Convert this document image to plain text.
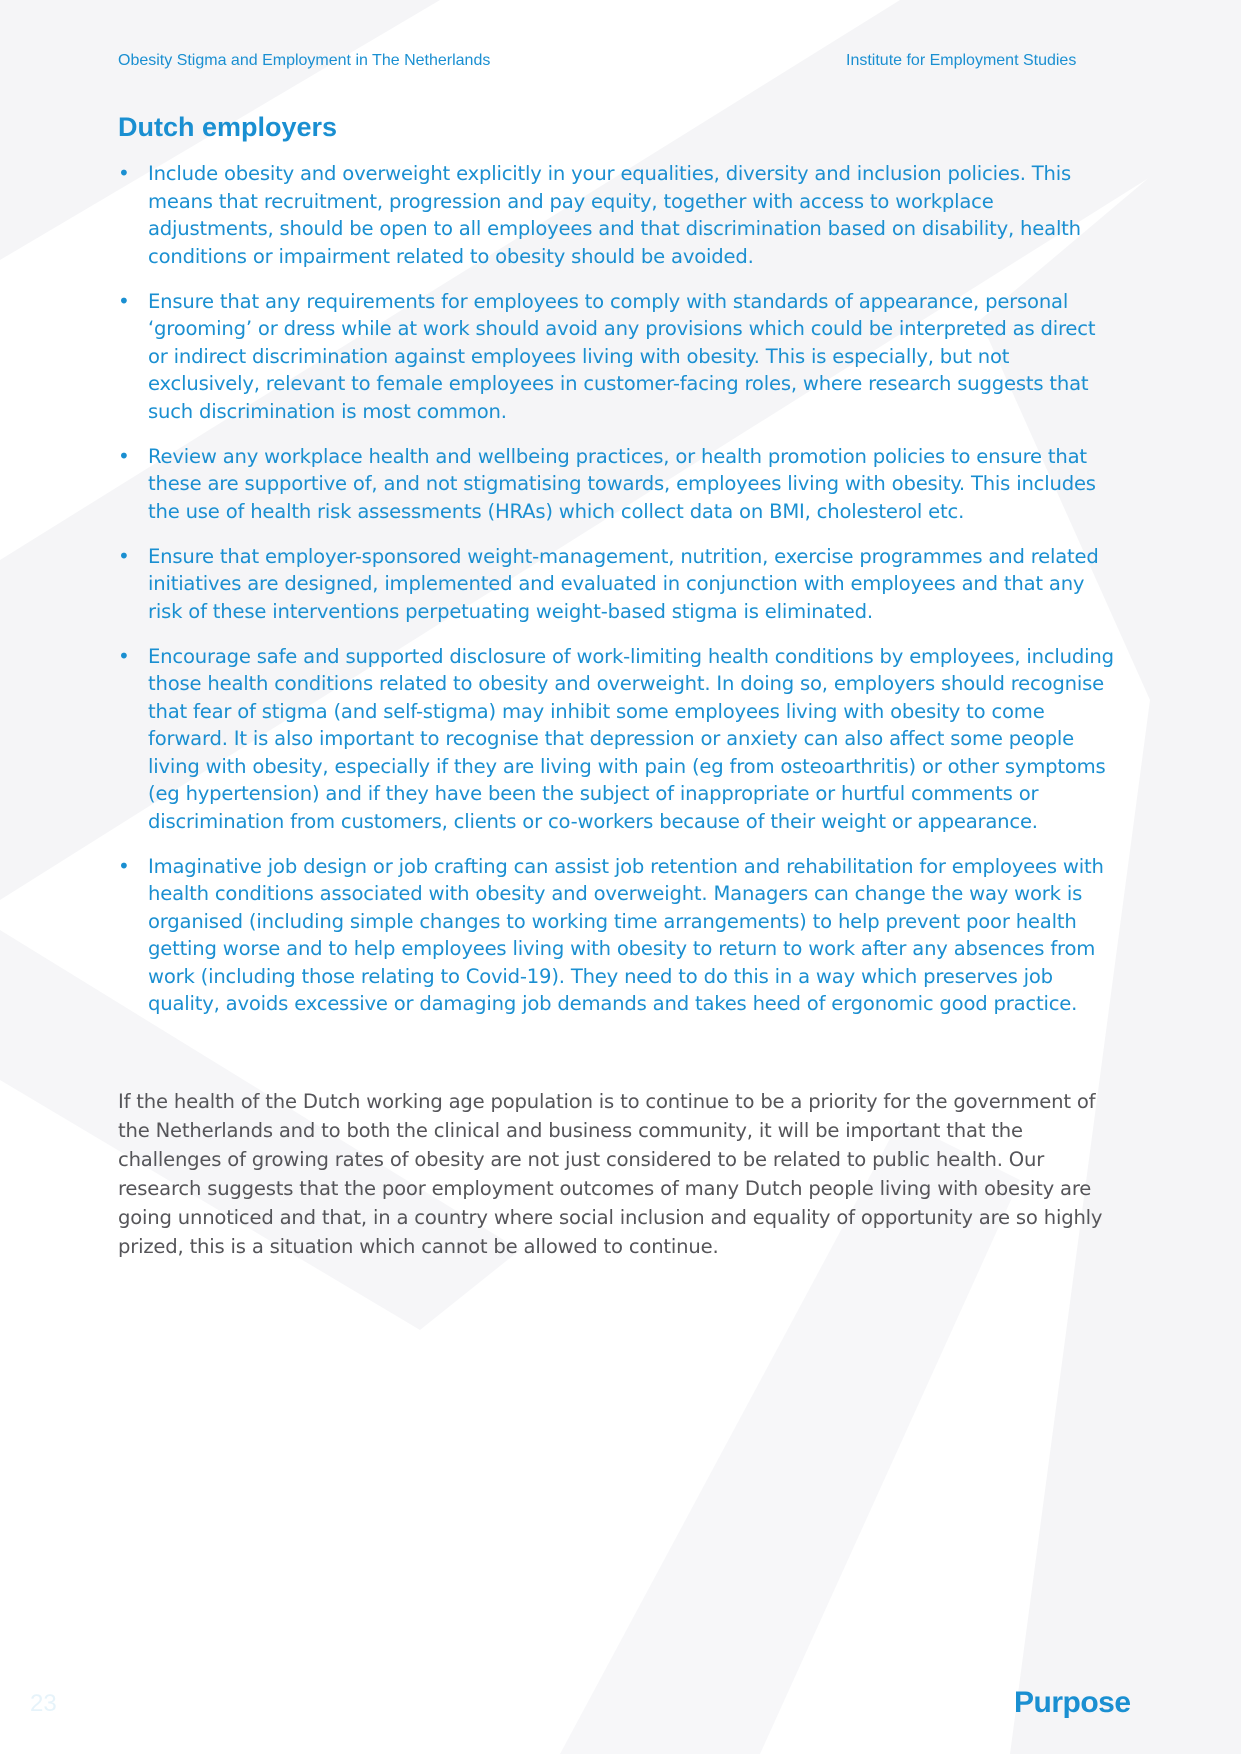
Obesity Stigma and Employment in The Netherlands	Institute for Employment Studies
Dutch employers
• Include obesity and overweight explicitly in your equalities, diversity and inclusion policies. This means that recruitment, progression and pay equity, together with access to workplace adjustments, should be open to all employees and that discrimination based on disability, health conditions or impairment related to obesity should be avoided.
• Ensure that any requirements for employees to comply with standards of appearance, personal ‘grooming’ or dress while at work should avoid any provisions which could be interpreted as direct or indirect discrimination against employees living with obesity. This is especially, but not exclusively, relevant to female employees in customer-facing roles, where research suggests that such discrimination is most common.
• Review any workplace health and wellbeing practices, or health promotion policies to ensure that these are supportive of, and not stigmatising towards, employees living with obesity. This includes the use of health risk assessments (HRAs) which collect data on BMI, cholesterol etc.
• Ensure that employer-sponsored weight-management, nutrition, exercise programmes and related initiatives are designed, implemented and evaluated in conjunction with employees and that any risk of these interventions perpetuating weight-based stigma is eliminated.
• Encourage safe and supported disclosure of work-limiting health conditions by employees, including those health conditions related to obesity and overweight. In doing so, employers should recognise that fear of stigma (and self-stigma) may inhibit some employees living with obesity to come forward. It is also important to recognise that depression or anxiety can also affect some people living with obesity, especially if they are living with pain (eg from osteoarthritis) or other symptoms (eg hypertension) and if they have been the subject of inappropriate or hurtful comments or discrimination from customers, clients or co-workers because of their weight or appearance.
• Imaginative job design or job crafting can assist job retention and rehabilitation for employees with health conditions associated with obesity and overweight. Managers can change the way work is organised (including simple changes to working time arrangements) to help prevent poor health getting worse and to help employees living with obesity to return to work after any absences from work (including those relating to Covid-19). They need to do this in a way which preserves job quality, avoids excessive or damaging job demands and takes heed of ergonomic good practice.

If the health of the Dutch working age population is to continue to be a priority for the government of the Netherlands and to both the clinical and business community, it will be important that the challenges of growing rates of obesity are not just considered to be related to public health. Our research suggests that the poor employment outcomes of many Dutch people living with obesity are going unnoticed and that, in a country where social inclusion and equality of opportunity are so highly prized, this is a situation which cannot be allowed to continue.

23	Purpose
